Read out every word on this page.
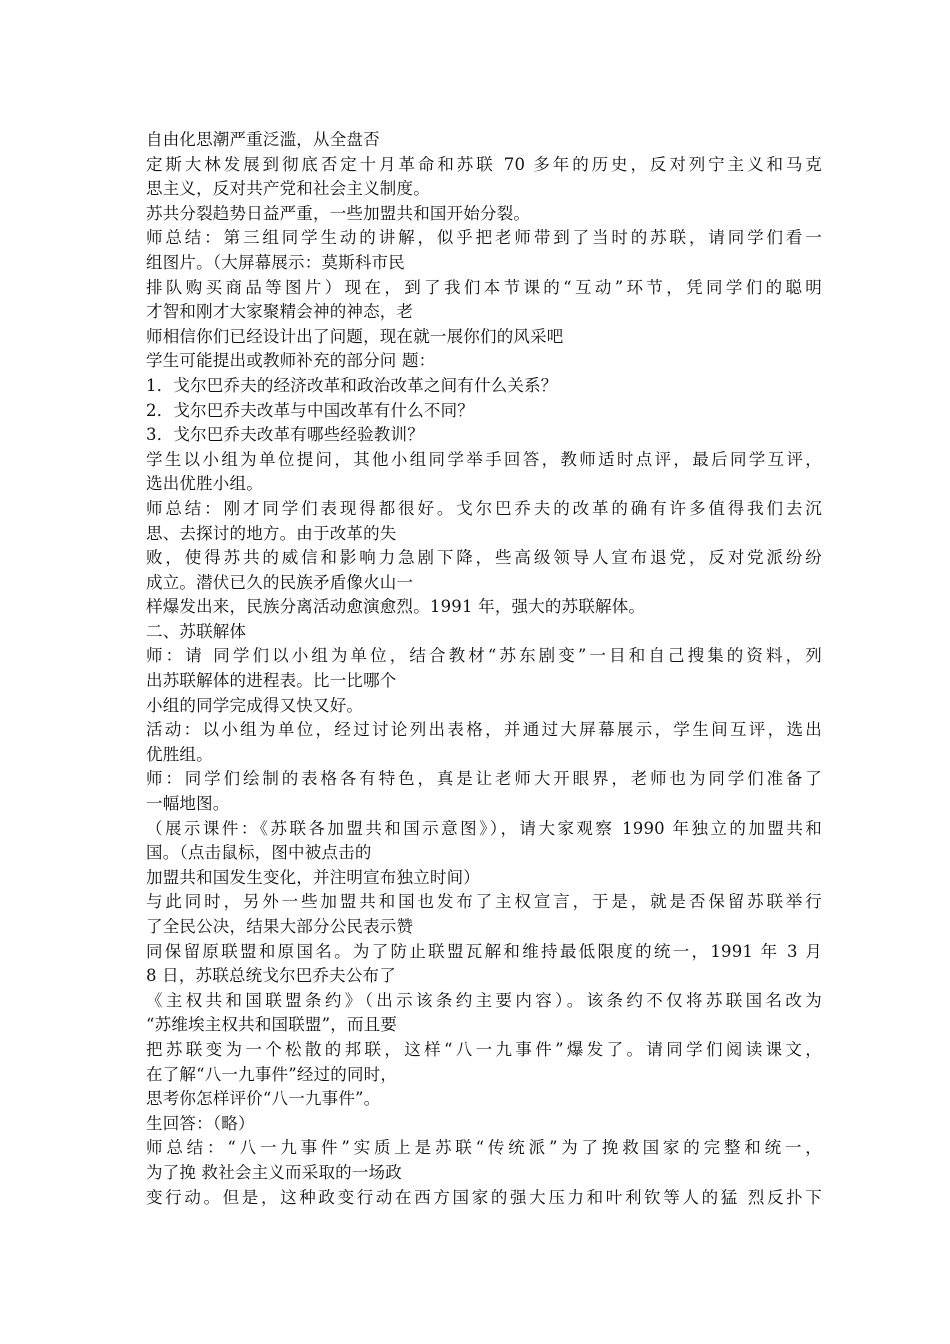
自由化思潮严重泛滥，从全盘否
定斯大林发展到彻底否定十月革命和苏联 70 多年的历史，反对列宁主义和马克
思主义，反对共产党和社会主义制度。
苏共分裂趋势日益严重，一些加盟共和国开始分裂。
师总结：第三组同学生动的讲解，似乎把老师带到了当时的苏联，请同学们看一
组图片。（大屏幕展示：莫斯科市民
排队购买商品等图片）现在，到了我们本节课的“互动”环节，凭同学们的聪明
才智和刚才大家聚精会神的神态，老
师相信你们已经设计出了问题，现在就一展你们的风采吧
学生可能提出或教师补充的部分问 题：
1．戈尔巴乔夫的经济改革和政治改革之间有什么关系？
2．戈尔巴乔夫改革与中国改革有什么不同？
3．戈尔巴乔夫改革有哪些经验教训？
学生以小组为单位提问，其他小组同学举手回答，教师适时点评，最后同学互评，
选出优胜小组。
师总结：刚才同学们表现得都很好。戈尔巴乔夫的改革的确有许多值得我们去沉
思、去探讨的地方。由于改革的失
败，使得苏共的威信和影响力急剧下降，些高级领导人宣布退党，反对党派纷纷
成立。潜伏已久的民族矛盾像火山一
样爆发出来，民族分离活动愈演愈烈。1991 年，强大的苏联解体。
二、苏联解体
师：请 同学们以小组为单位，结合教材“苏东剧变”一目和自己搜集的资料，列
出苏联解体的进程表。比一比哪个
小组的同学完成得又快又好。
活动：以小组为单位，经过讨论列出表格，并通过大屏幕展示，学生间互评，选出
优胜组。
师：同学们绘制的表格各有特色，真是让老师大开眼界，老师也为同学们准备了
一幅地图。
（展示课件：《苏联各加盟共和国示意图》），请大家观察 1990 年独立的加盟共和
国。（点击鼠标，图中被点击的
加盟共和国发生变化，并注明宣布独立时间）
与此同时，另外一些加盟共和国也发布了主权宣言，于是，就是否保留苏联举行
了全民公决，结果大部分公民表示赞
同保留原联盟和原国名。为了防止联盟瓦解和维持最低限度的统一，1991 年 3 月
8 日，苏联总统戈尔巴乔夫公布了
《主权共和国联盟条约》（出示该条约主要内容）。该条约不仅将苏联国名改为
“苏维埃主权共和国联盟”，而且要
把苏联变为一个松散的邦联，这样“八一九事件”爆发了。请同学们阅读课文，
在了解“八一九事件”经过的同时，
思考你怎样评价“八一九事件”。
生回答：（略）
师总结：“八一九事件”实质上是苏联“传统派”为了挽救国家的完整和统一，
为了挽 救社会主义而采取的一场政
变行动。但是，这种政变行动在西方国家的强大压力和叶利钦等人的猛 烈反扑下
